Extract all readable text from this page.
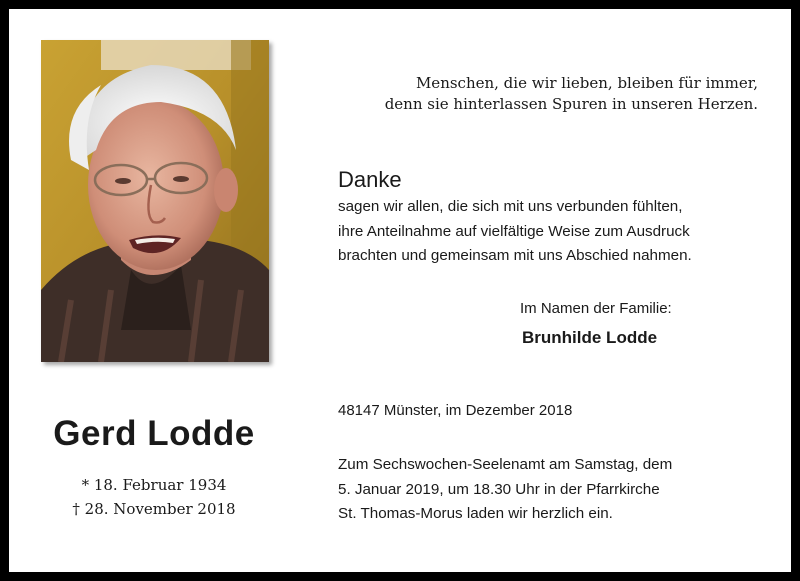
Menschen, die wir lieben, bleiben für immer,
denn sie hinterlassen Spuren in unseren Herzen.
Danke
sagen wir allen, die sich mit uns verbunden fühlten,
ihre Anteilnahme auf vielfältige Weise zum Ausdruck
brachten und gemeinsam mit uns Abschied nahmen.
Im Namen der Familie:
Brunhilde Lodde
Gerd Lodde
* 18. Februar 1934
† 28. November 2018
48147 Münster, im Dezember 2018
Zum Sechswochen-Seelenamt am Samstag, dem
5. Januar 2019, um 18.30 Uhr in der Pfarrkirche
St. Thomas-Morus laden wir herzlich ein.
